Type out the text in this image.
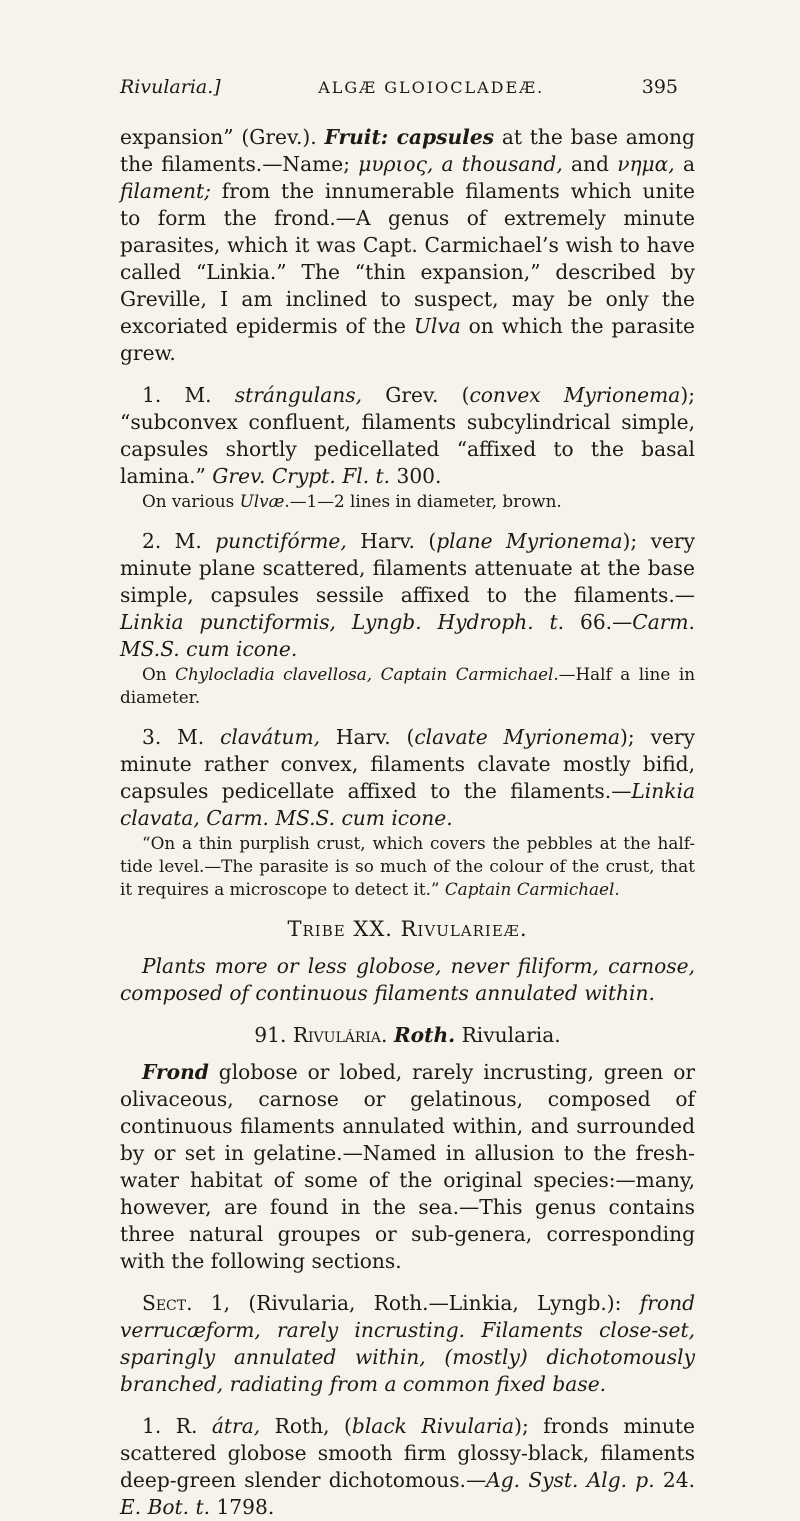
Rivularia.]	ALGÆ GLOIOCLADEÆ.	395

expansion” (Grev.). Fruit: capsules at the base among the filaments.—Name; μυριος, a thousand, and νημα, a filament; from the innumerable filaments which unite to form the frond.—A genus of extremely minute parasites, which it was Capt. Carmichael’s wish to have called “Linkia.” The “thin expansion,” described by Greville, I am inclined to suspect, may be only the excoriated epidermis of the Ulva on which the parasite grew.

1. M. strángulans, Grev. (convex Myrionema); “subconvex confluent, filaments subcylindrical simple, capsules shortly pedicellated “affixed to the basal lamina.” Grev. Crypt. Fl. t. 300.

On various Ulvæ.—1—2 lines in diameter, brown.

2. M. punctifórme, Harv. (plane Myrionema); very minute plane scattered, filaments attenuate at the base simple, capsules sessile affixed to the filaments.—Linkia punctiformis, Lyngb. Hydroph. t. 66.—Carm. MS.S. cum icone.

On Chylocladia clavellosa, Captain Carmichael.—Half a line in diameter.

3. M. clavátum, Harv. (clavate Myrionema); very minute rather convex, filaments clavate mostly bifid, capsules pedicellate affixed to the filaments.—Linkia clavata, Carm. MS.S. cum icone.

“On a thin purplish crust, which covers the pebbles at the half-tide level.—The parasite is so much of the colour of the crust, that it requires a microscope to detect it.” Captain Carmichael.

Tribe XX. Rivularieæ.

Plants more or less globose, never filiform, carnose, composed of continuous filaments annulated within.

91. Rivulária. Roth. Rivularia.

Frond globose or lobed, rarely incrusting, green or olivaceous, carnose or gelatinous, composed of continuous filaments annulated within, and surrounded by or set in gelatine.—Named in allusion to the fresh-water habitat of some of the original species:—many, however, are found in the sea.—This genus contains three natural groupes or sub-genera, corresponding with the following sections.

Sect. 1, (Rivularia, Roth.—Linkia, Lyngb.): frond verrucæform, rarely incrusting. Filaments close-set, sparingly annulated within, (mostly) dichotomously branched, radiating from a common fixed base.

1. R. átra, Roth, (black Rivularia); fronds minute scattered globose smooth firm glossy-black, filaments deep-green slender dichotomous.—Ag. Syst. Alg. p. 24. E. Bot. t. 1798.
